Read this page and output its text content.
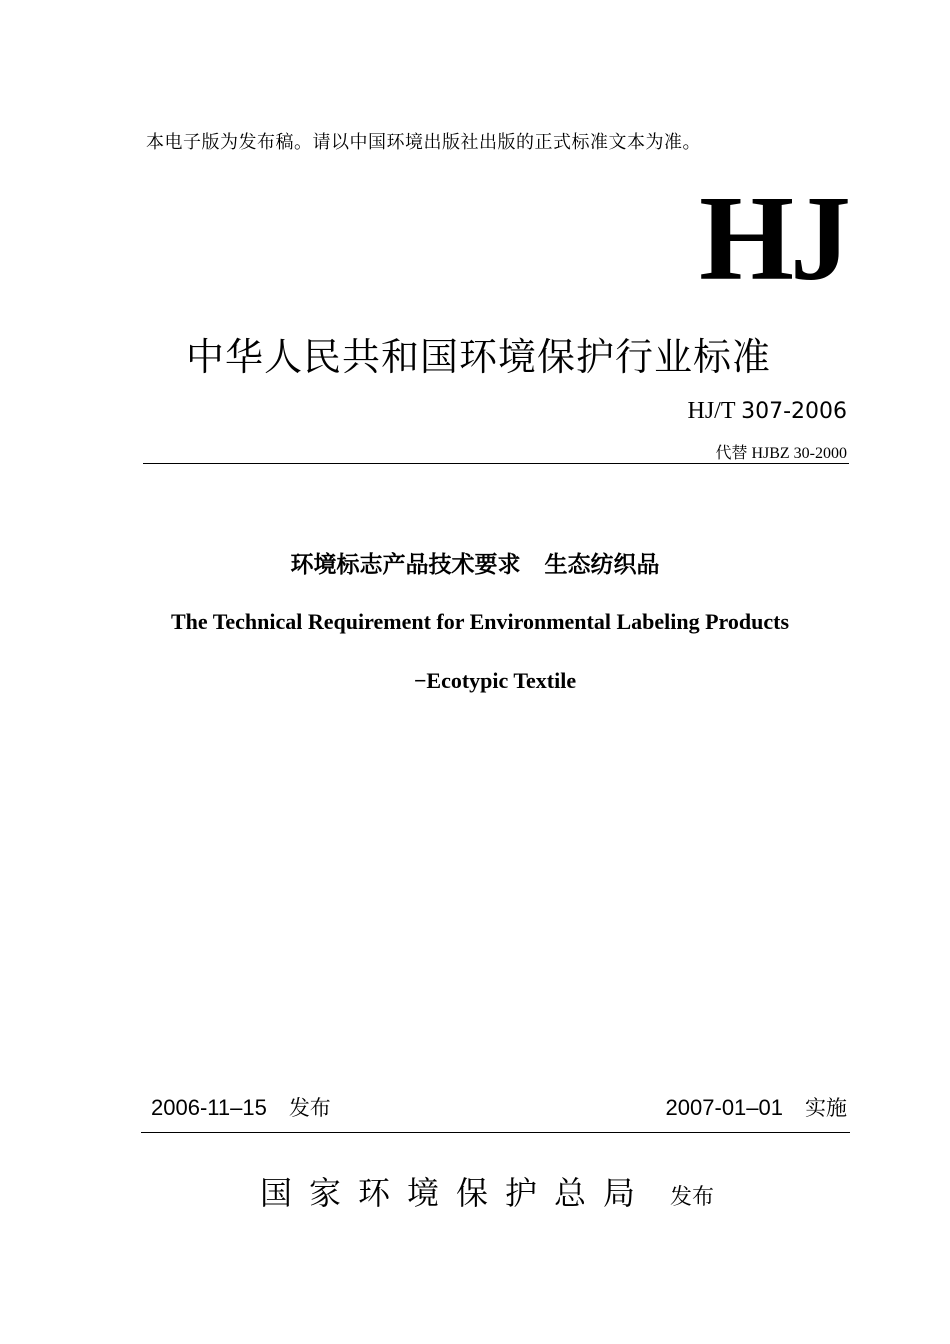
本电子版为发布稿。请以中国环境出版社出版的正式标准文本为准。
HJ
中华人民共和国环境保护行业标准
HJ/T 307-2006
代替 HJBZ 30-2000
环境标志产品技术要求   生态纺织品
The Technical Requirement for Environmental Labeling Products
−Ecotypic Textile
2006-11–15 发布	2007-01–01 实施
国家环境保护总局 发布
